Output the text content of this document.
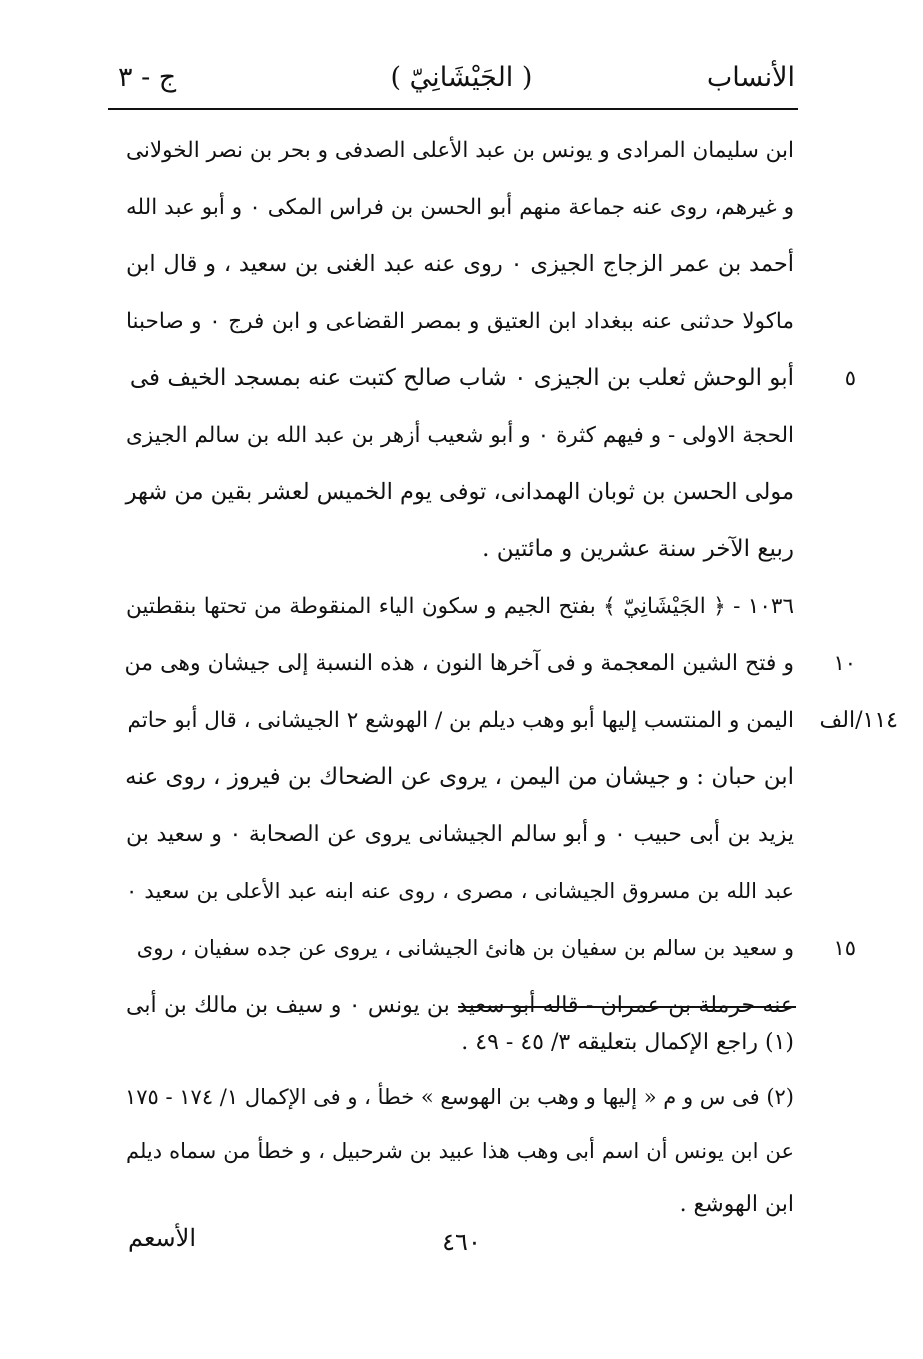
الأنساب
( الجَيْشَانِيّ )
ج - ٣
ابن سليمان المرادى و يونس بن عبد الأعلى الصدفى و بحر بن نصر الخولانى
و غيرهم، روى عنه جماعة منهم أبو الحسن بن فراس المكى ۰ و أبو عبد الله
أحمد بن عمر الزجاج الجيزى ۰ روى عنه عبد الغنى بن سعيد ، و قال ابن
ماكولا حدثنى عنه ببغداد ابن العتيق و بمصر القضاعى و ابن فرج ۰ و صاحبنا
أبو الوحش ثعلب بن الجيزى ۰ شاب صالح كتبت عنه بمسجد الخيف فى	٥
الحجة الاولى - و فيهم كثرة ۰ و أبو شعيب أزهر بن عبد الله بن سالم الجيزى
مولى الحسن بن ثوبان الهمدانى، توفى يوم الخميس لعشر بقين من شهر
ربيع الآخر سنة عشرين و مائتين .
١٠٣٦ - ﴿ الجَيْشَانِيّ ﴾ بفتح الجيم و سكون الياء المنقوطة من تحتها بنقطتين
و فتح الشين المعجمة و فى آخرها النون ، هذه النسبة إلى جيشان وهى من	١٠
اليمن و المنتسب إليها أبو وهب ديلم بن / الهوشع ٢ الجيشانى ، قال أبو حاتم	١١٤/الف
ابن حبان : و جيشان من اليمن ، يروى عن الضحاك بن فيروز ، روى عنه
يزيد بن أبى حبيب ۰ و أبو سالم الجيشانى يروى عن الصحابة ۰ و سعيد بن
عبد الله بن مسروق الجيشانى ، مصرى ، روى عنه ابنه عبد الأعلى بن سعيد ۰
و سعيد بن سالم بن سفيان بن هانئ الجيشانى ، يروى عن جده سفيان ، روى	١٥
عنه حرملة بن عمران - قاله أبو سعيد بن يونس ۰ و سيف بن مالك بن أبى
(١) راجع الإكمال بتعليقه ٣/ ٤٥ - ٤٩ .
(٢) فى س و م « إليها و وهب بن الهوسع » خطأ ، و فى الإكمال ١/ ١٧٤ - ١٧٥
عن ابن يونس أن اسم أبى وهب هذا عبيد بن شرحبيل ، و خطأ من سماه ديلم
ابن الهوشع .
٤٦٠
الأسعم
